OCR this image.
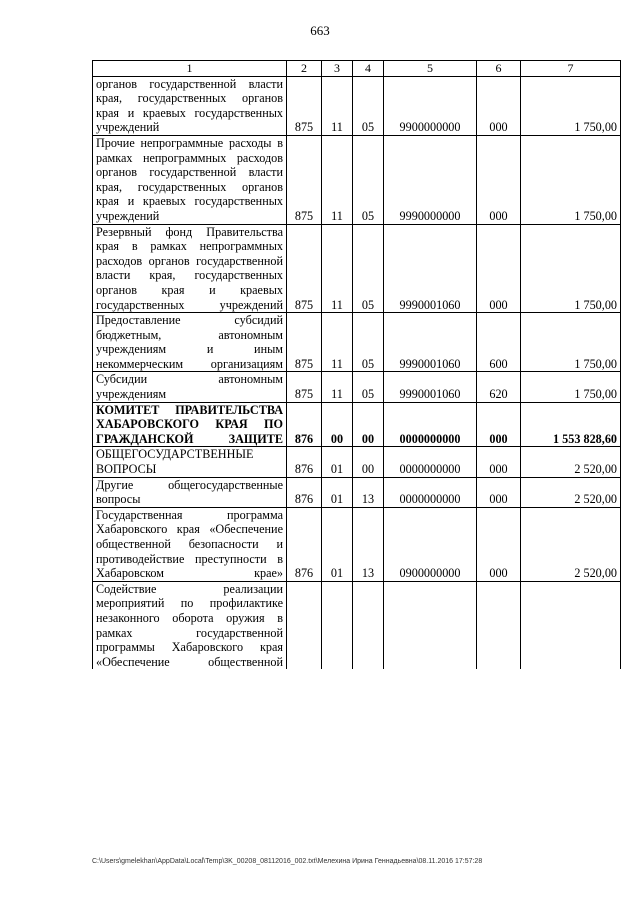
663
1	2	3	4	5	6	7
органов государственной власти края, государственных органов края и краевых государственных учреждений	875	11	05	9900000000	000	1 750,00
Прочие непрограммные расходы в рамках непрограммных расходов органов государственной власти края, государственных органов края и краевых государственных учреждений	875	11	05	9990000000	000	1 750,00
Резервный фонд Правительства края в рамках непрограммных расходов органов государственной власти края, государственных органов края и краевых государственных учреждений	875	11	05	9990001060	000	1 750,00
Предоставление субсидий бюджетным, автономным учреждениям и иным некоммерческим организациям	875	11	05	9990001060	600	1 750,00
Субсидии автономным учреждениям	875	11	05	9990001060	620	1 750,00
КОМИТЕТ ПРАВИТЕЛЬСТВА ХАБАРОВСКОГО КРАЯ ПО ГРАЖДАНСКОЙ ЗАЩИТЕ	876	00	00	0000000000	000	1 553 828,60
ОБЩЕГОСУДАРСТВЕННЫЕ ВОПРОСЫ	876	01	00	0000000000	000	2 520,00
Другие общегосударственные вопросы	876	01	13	0000000000	000	2 520,00
Государственная программа Хабаровского края «Обеспечение общественной безопасности и противодействие преступности в Хабаровском крае»	876	01	13	0900000000	000	2 520,00
Содействие реализации мероприятий по профилактике незаконного оборота оружия в рамках государственной программы Хабаровского края «Обеспечение общественной						
C:\Users\gmelekhan\AppData\Local\Temp\3K_00208_08112016_002.txt\Мелехина Ирина Геннадьевна\08.11.2016 17:57:28
